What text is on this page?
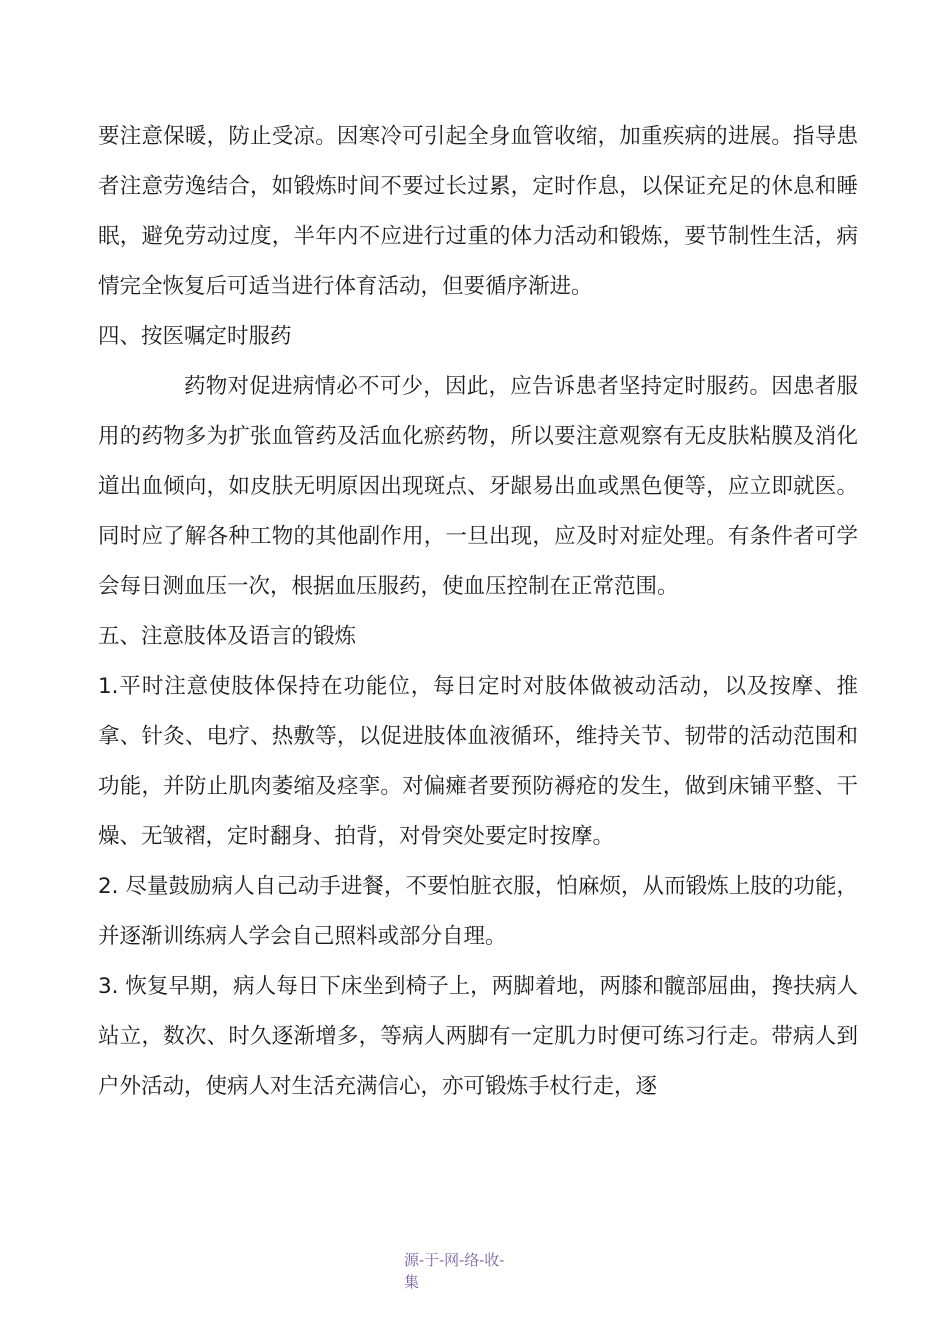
要注意保暖，防止受凉。因寒冷可引起全身血管收缩，加重疾病的进展。指导患者注意劳逸结合，如锻炼时间不要过长过累，定时作息，以保证充足的休息和睡眠，避免劳动过度，半年内不应进行过重的体力活动和锻炼，要节制性生活，病情完全恢复后可适当进行体育活动，但要循序渐进。

四、按医嘱定时服药

药物对促进病情必不可少，因此，应告诉患者坚持定时服药。因患者服用的药物多为扩张血管药及活血化瘀药物，所以要注意观察有无皮肤粘膜及消化道出血倾向，如皮肤无明原因出现斑点、牙龈易出血或黑色便等，应立即就医。同时应了解各种工物的其他副作用，一旦出现，应及时对症处理。有条件者可学会每日测血压一次，根据血压服药，使血压控制在正常范围。

五、注意肢体及语言的锻炼

1.平时注意使肢体保持在功能位，每日定时对肢体做被动活动，以及按摩、推拿、针灸、电疗、热敷等，以促进肢体血液循环，维持关节、韧带的活动范围和功能，并防止肌肉萎缩及痉挛。对偏瘫者要预防褥疮的发生，做到床铺平整、干燥、无皱褶，定时翻身、拍背，对骨突处要定时按摩。

2. 尽量鼓励病人自己动手进餐，不要怕脏衣服，怕麻烦，从而锻炼上肢的功能，并逐渐训练病人学会自己照料或部分自理。

3. 恢复早期，病人每日下床坐到椅子上，两脚着地，两膝和髋部屈曲，搀扶病人站立，数次、时久逐渐增多，等病人两脚有一定肌力时便可练习行走。带病人到户外活动，使病人对生活充满信心，亦可锻炼手杖行走，逐

源-于-网-络-收-
集
